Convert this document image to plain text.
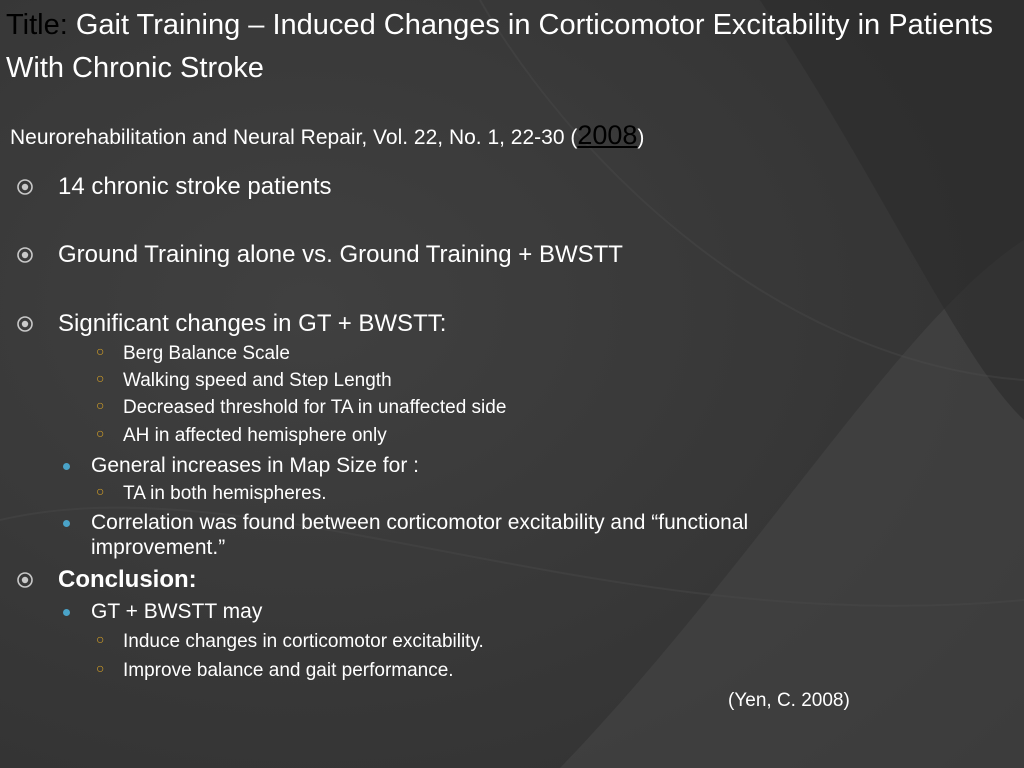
Title: Gait Training – Induced Changes in Corticomotor Excitability in Patients With Chronic Stroke
Neurorehabilitation and Neural Repair, Vol. 22, No. 1, 22-30 (2008)
14 chronic stroke patients
Ground Training alone vs. Ground Training + BWSTT
Significant changes in GT + BWSTT:
○ Berg Balance Scale
○ Walking speed and Step Length
○ Decreased threshold for TA in unaffected side
○ AH in affected hemisphere only
General increases in Map Size for :
○ TA in both hemispheres.
Correlation was found between corticomotor excitability and “functional
improvement.”
Conclusion:
GT + BWSTT may
○ Induce changes in corticomotor excitability.
○ Improve balance and gait performance.
(Yen, C. 2008)
